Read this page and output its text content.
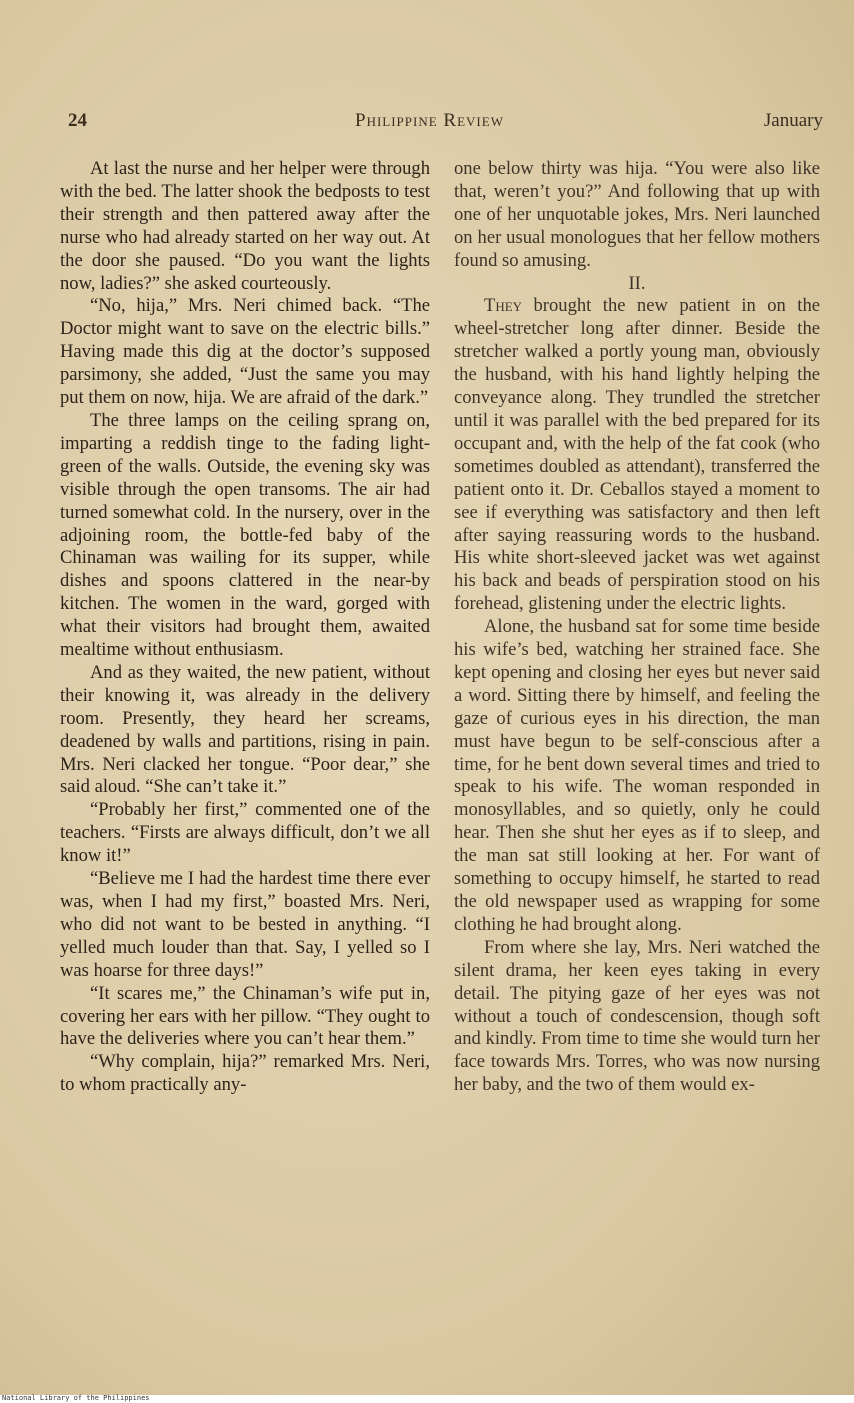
24	Philippine Review	January

At last the nurse and her helper were through with the bed. The latter shook the bedposts to test their strength and then pattered away after the nurse who had already started on her way out. At the door she paused. “Do you want the lights now, ladies?” she asked courteously.

“No, hija,” Mrs. Neri chimed back. “The Doctor might want to save on the electric bills.” Having made this dig at the doctor’s supposed parsimony, she added, “Just the same you may put them on now, hija. We are afraid of the dark.”

The three lamps on the ceiling sprang on, imparting a reddish tinge to the fading light-green of the walls. Outside, the evening sky was visible through the open transoms. The air had turned somewhat cold. In the nursery, over in the adjoining room, the bottle-fed baby of the Chinaman was wailing for its supper, while dishes and spoons clattered in the near-by kitchen. The women in the ward, gorged with what their visitors had brought them, awaited mealtime without enthusiasm.

And as they waited, the new patient, without their knowing it, was already in the delivery room. Presently, they heard her screams, deadened by walls and partitions, rising in pain. Mrs. Neri clacked her tongue. “Poor dear,” she said aloud. “She can’t take it.”

“Probably her first,” commented one of the teachers. “Firsts are always difficult, don’t we all know it!”

“Believe me I had the hardest time there ever was, when I had my first,” boasted Mrs. Neri, who did not want to be bested in anything. “I yelled much louder than that. Say, I yelled so I was hoarse for three days!”

“It scares me,” the Chinaman’s wife put in, covering her ears with her pillow. “They ought to have the deliveries where you can’t hear them.”

“Why complain, hija?” remarked Mrs. Neri, to whom practically any-

one below thirty was hija. “You were also like that, weren’t you?” And following that up with one of her unquotable jokes, Mrs. Neri launched on her usual monologues that her fellow mothers found so amusing.

II.

They brought the new patient in on the wheel-stretcher long after dinner. Beside the stretcher walked a portly young man, obviously the husband, with his hand lightly helping the conveyance along. They trundled the stretcher until it was parallel with the bed prepared for its occupant and, with the help of the fat cook (who sometimes doubled as attendant), transferred the patient onto it. Dr. Ceballos stayed a moment to see if everything was satisfactory and then left after saying reassuring words to the husband. His white short-sleeved jacket was wet against his back and beads of perspiration stood on his forehead, glistening under the electric lights.

Alone, the husband sat for some time beside his wife’s bed, watching her strained face. She kept opening and closing her eyes but never said a word. Sitting there by himself, and feeling the gaze of curious eyes in his direction, the man must have begun to be self-conscious after a time, for he bent down several times and tried to speak to his wife. The woman responded in monosyllables, and so quietly, only he could hear. Then she shut her eyes as if to sleep, and the man sat still looking at her. For want of something to occupy himself, he started to read the old newspaper used as wrapping for some clothing he had brought along.

From where she lay, Mrs. Neri watched the silent drama, her keen eyes taking in every detail. The pitying gaze of her eyes was not without a touch of condescension, though soft and kindly. From time to time she would turn her face towards Mrs. Torres, who was now nursing her baby, and the two of them would ex-

National Library of the Philippines
